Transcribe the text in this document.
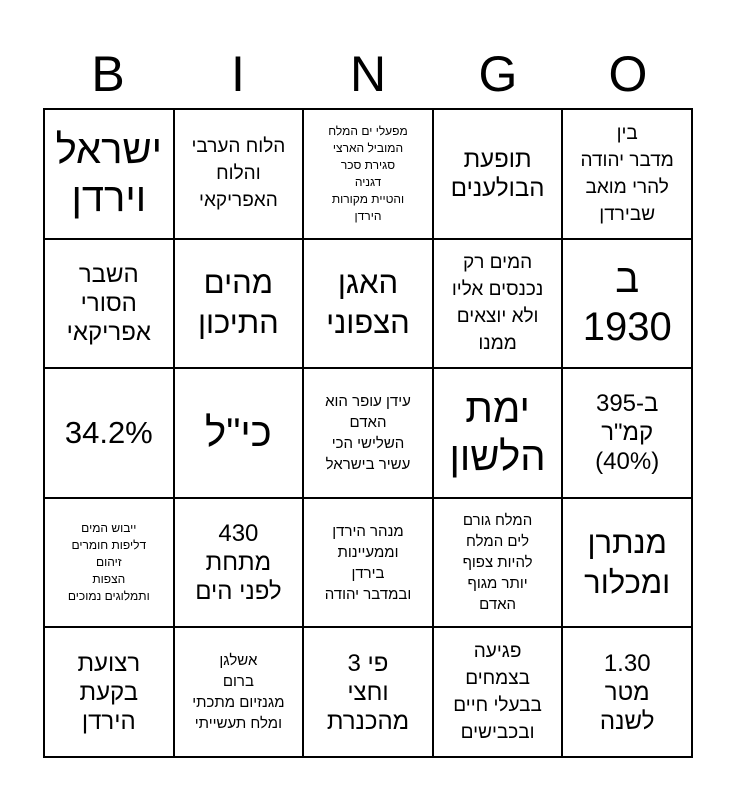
B	I	N	G	O
בין
מדבר יהודה
להרי מואב
שבירדן
תופעת
הבולענים
מפעלי ים המלח
המוביל הארצי
סגירת סכר
דגניה
והטיית מקורות
הירדן
הלוח הערבי
והלוח
האפריקאי
ישראל
וירדן
ב
1930
המים רק
נכנסים אליו
ולא יוצאים
ממנו
האגן
הצפוני
מהים
התיכון
השבר
הסורי
אפריקאי
ב-395
קמ"ר
(40%)
ימת
הלשון
עידן עופר הוא
האדם
השלישי הכי
עשיר בישראל
כי"ל
34.2%
מנתרן
ומכלור
המלח גורם
לים המלח
להיות צפוף
יותר מגוף
האדם
מנהר הירדן
וממעיינות
בירדן
ובמדבר יהודה
430
מתחת
לפני הים
ייבוש המים
דליפות חומרים
זיהום
הצפות
ותמלוגים נמוכים
1.30
מטר
לשנה
פגיעה
בצמחים
בבעלי חיים
ובכבישים
פי 3
וחצי
מהכנרת
אשלגן
ברום
מגנזיום מתכתי
ומלח תעשייתי
רצועת
בקעת
הירדן
